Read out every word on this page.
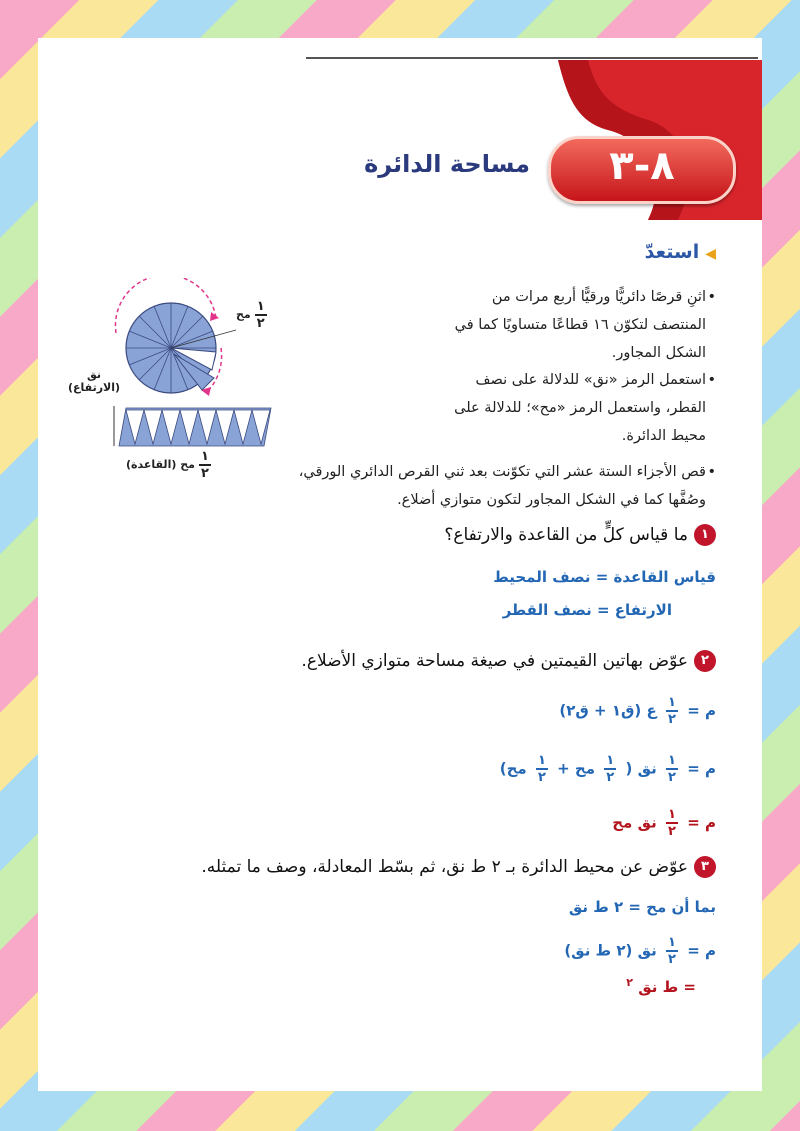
٨-٣
مساحة الدائرة
◀استعدّ
•اثنِ قرصًا دائريًّا ورقيًّا أربع مرات من
المنتصف لتكوّن ١٦ قطاعًا متساويًا كما في
الشكل المجاور.
•استعمل الرمز «نق» للدلالة على نصف
القطر، واستعمل الرمز «مح»؛ للدلالة على
محيط الدائرة.
•قص الأجزاء الستة عشر التي تكوّنت بعد ثني القرص الدائري الورقي،
وصُفَّها كما في الشكل المجاور لتكون متوازي أضلاع.
$\frac{١}{٢}$
مح
نق
(الارتفاع)
$\frac{١}{٢}$
مح (القاعدة)
١ما قياس كلٍّ من القاعدة والارتفاع؟
قياس القاعدة = نصف المحيط
الارتفاع = نصف القطر
٢عوّض بهاتين القيمتين في صيغة مساحة متوازي الأضلاع.
م =
$\frac{١}{٢}$
ع (ق١ + ق٢)
م =
$\frac{١}{٢}$
نق (
$\frac{١}{٢}$
مح +
$\frac{١}{٢}$
مح)
م =
$\frac{١}{٢}$
نق مح
٣عوّض عن محيط الدائرة بـ ٢ ط نق، ثم بسّط المعادلة، وصف ما تمثله.
بما أن مح = ٢ ط نق
م =
$\frac{١}{٢}$
نق (٢ ط نق)
= ط نق $^٢$
